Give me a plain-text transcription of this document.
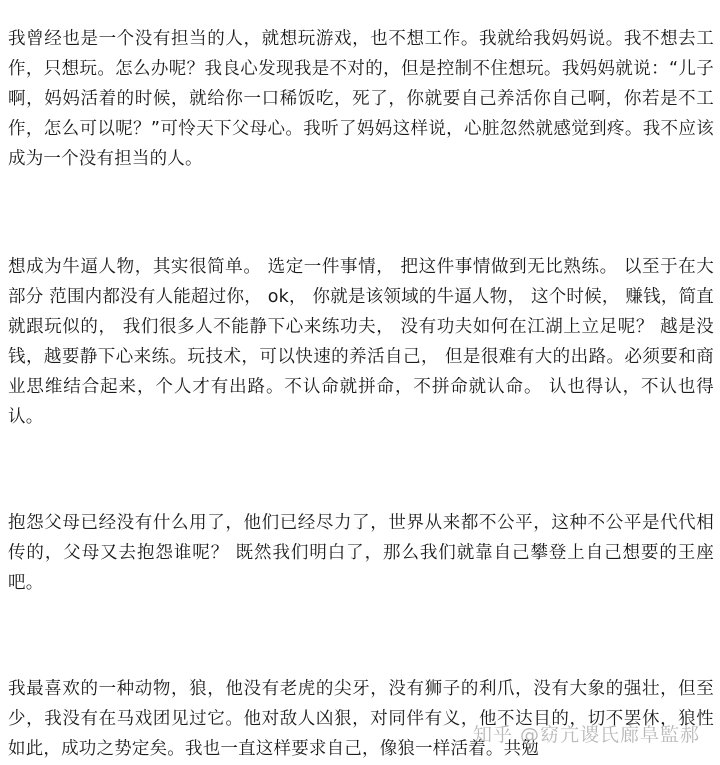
我曾经也是一个没有担当的人，就想玩游戏，也不想工作。我就给我妈妈说。我不想去工作，只想玩。怎么办呢？我良心发现我是不对的，但是控制不住想玩。我妈妈就说：“儿子啊，妈妈活着的时候，就给你一口稀饭吃，死了，你就要自己养活你自己啊，你若是不工作，怎么可以呢？”可怜天下父母心。我听了妈妈这样说，心脏忽然就感觉到疼。我不应该成为一个没有担当的人。

想成为牛逼人物，其实很简单。 选定一件事情， 把这件事情做到无比熟练。 以至于在大部分 范围内都没有人能超过你， ok， 你就是该领域的牛逼人物， 这个时候， 赚钱，简直就跟玩似的， 我们很多人不能静下心来练功夫， 没有功夫如何在江湖上立足呢？ 越是没钱，越要静下心来练。玩技术，可以快速的养活自己， 但是很难有大的出路。必须要和商业思维结合起来，个人才有出路。不认命就拼命，不拼命就认命。 认也得认，不认也得认。

抱怨父母已经没有什么用了，他们已经尽力了，世界从来都不公平，这种不公平是代代相传的，父母又去抱怨谁呢？ 既然我们明白了，那么我们就靠自己攀登上自己想要的王座吧。

我最喜欢的一种动物，狼，他没有老虎的尖牙，没有狮子的利爪，没有大象的强壮，但至少，我没有在马戏团见过它。他对敌人凶狠，对同伴有义，他不达目的，切不罢休，狼性如此，成功之势定矣。我也一直这样要求自己，像狼一样活着。共勉

知乎 @窈亢谡氏廊阜監郝
